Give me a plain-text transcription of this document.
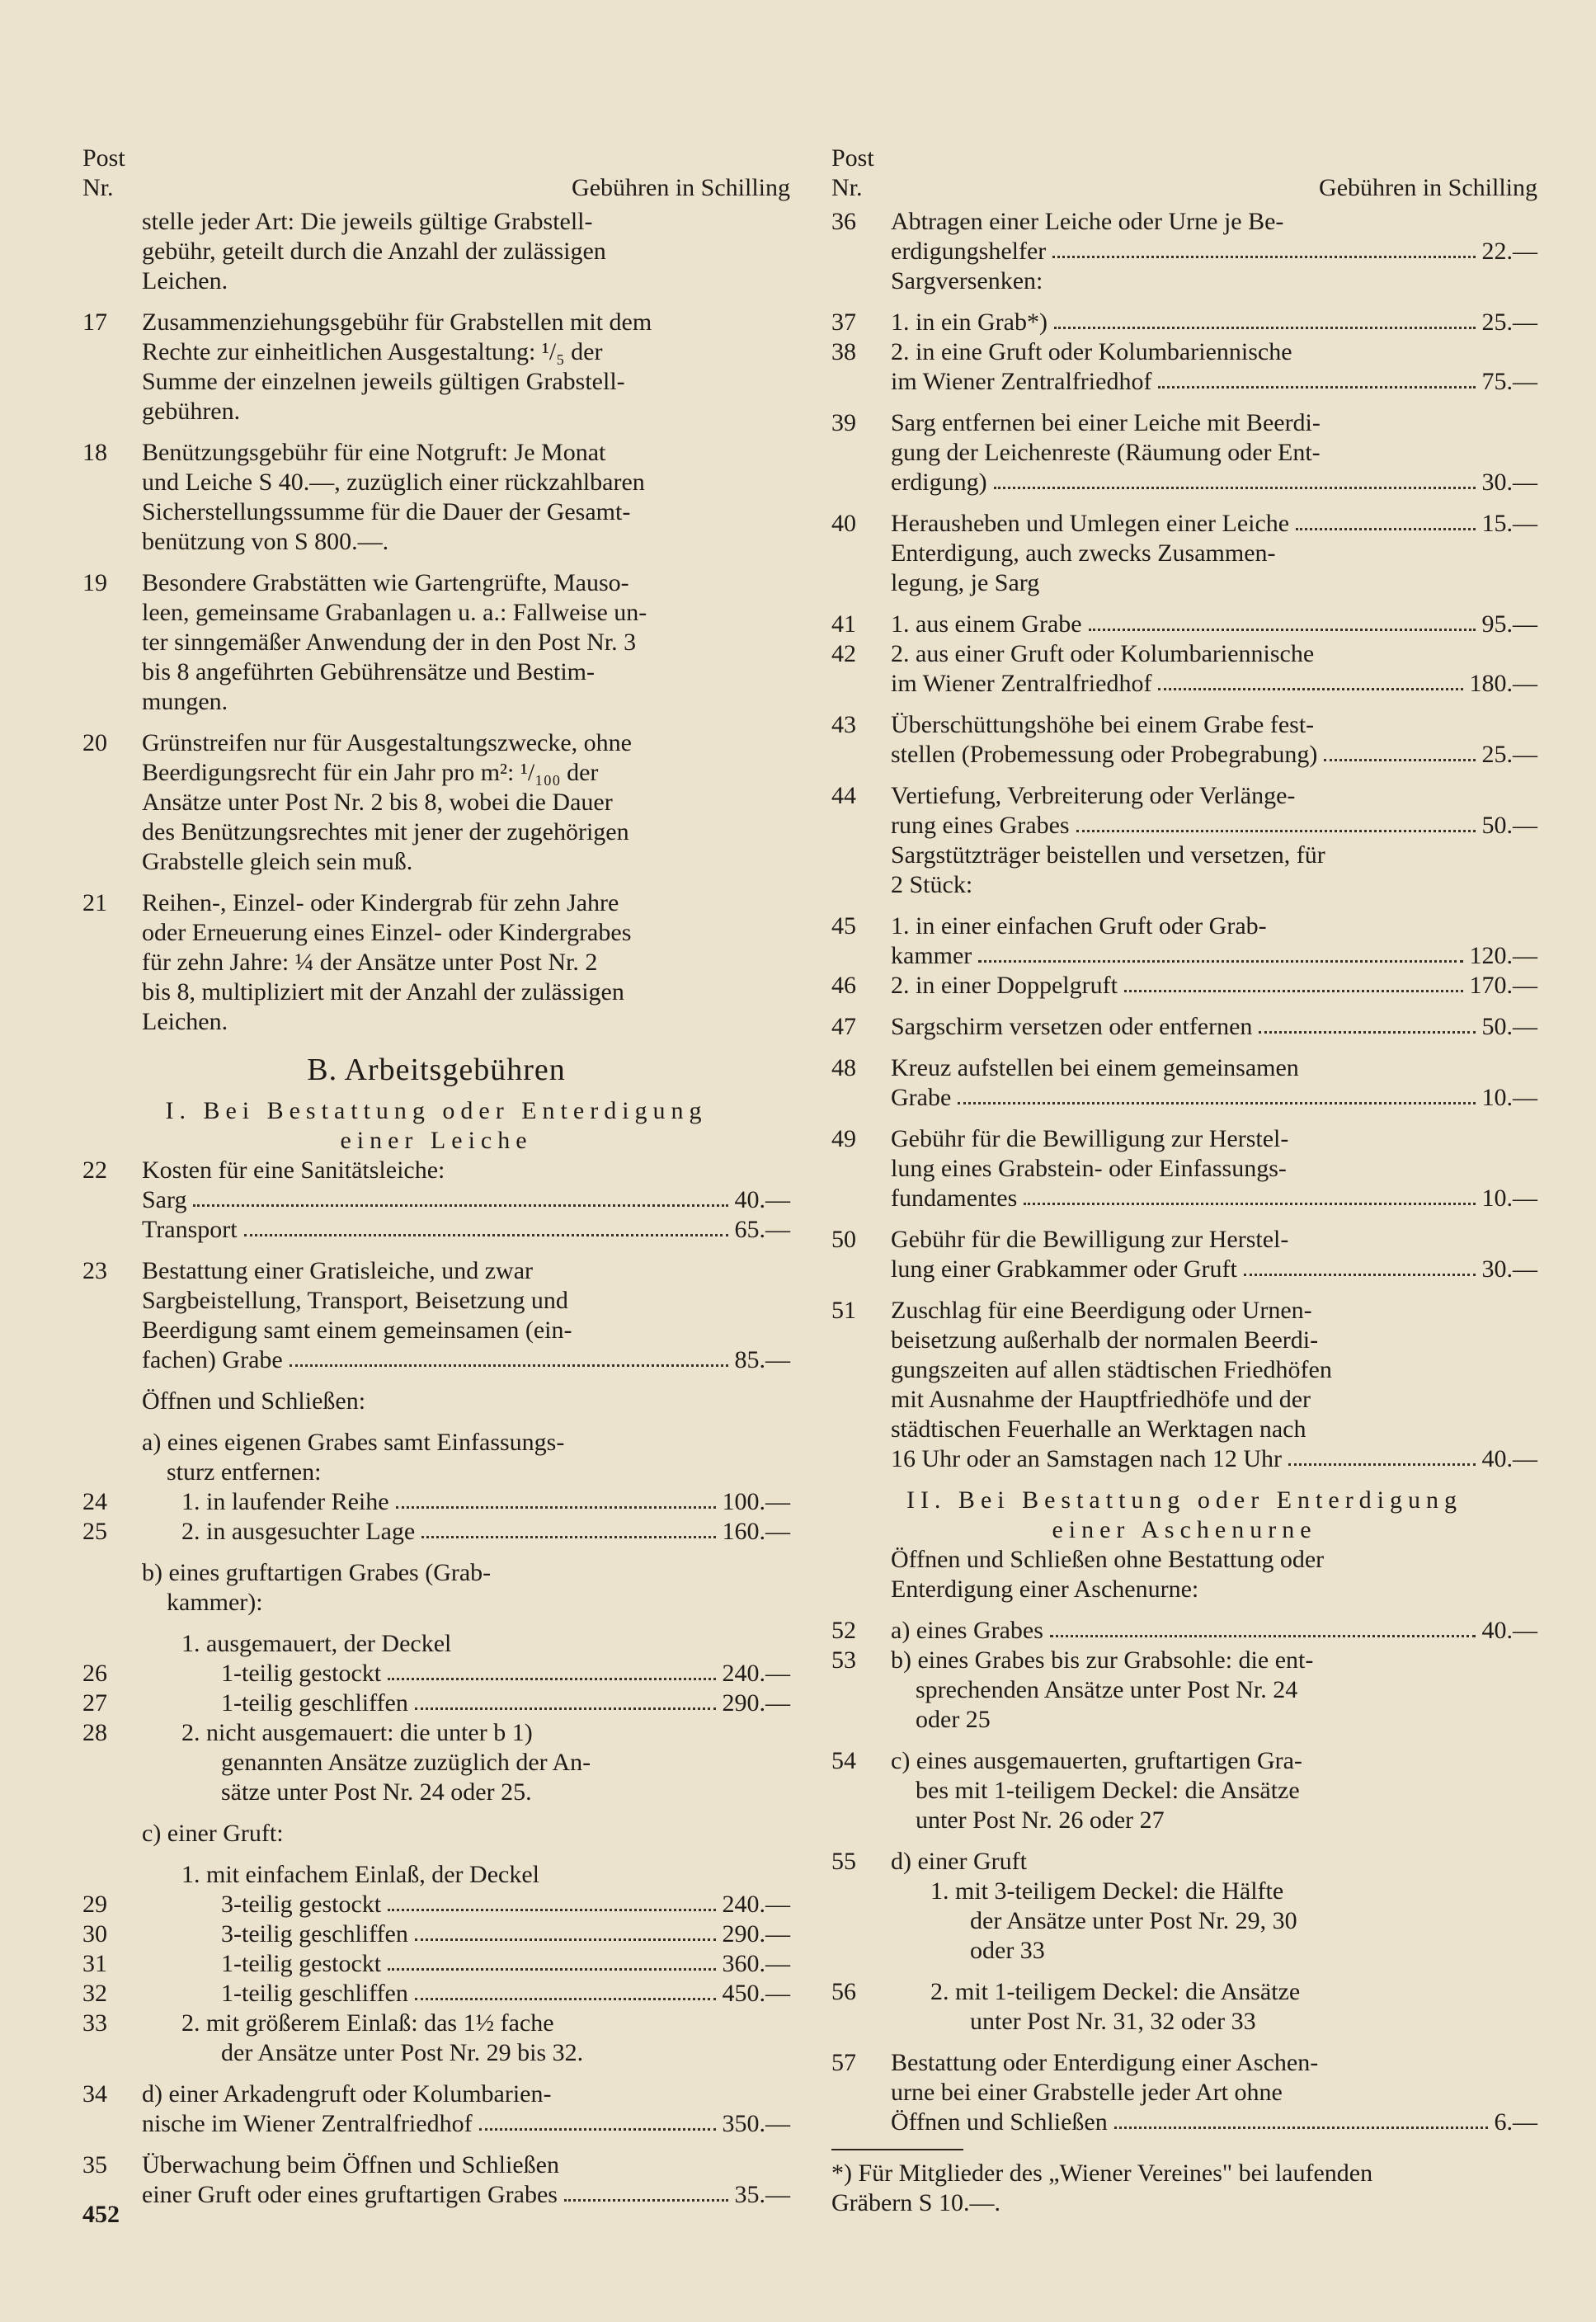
Post
Nr.	Gebühren in Schilling
stelle jeder Art: Die jeweils gültige Grabstell-
gebühr, geteilt durch die Anzahl der zulässigen
Leichen.
17	Zusammenziehungsgebühr für Grabstellen mit dem
Rechte zur einheitlichen Ausgestaltung: ¹/₅ der
Summe der einzelnen jeweils gültigen Grabstell-
gebühren.
18	Benützungsgebühr für eine Notgruft: Je Monat
und Leiche S 40.—, zuzüglich einer rückzahlbaren
Sicherstellungssumme für die Dauer der Gesamt-
benützung von S 800.—.
19	Besondere Grabstätten wie Gartengrüfte, Mauso-
leen, gemeinsame Grabanlagen u. a.: Fallweise un-
ter sinngemäßer Anwendung der in den Post Nr. 3
bis 8 angeführten Gebührensätze und Bestim-
mungen.
20	Grünstreifen nur für Ausgestaltungszwecke, ohne
Beerdigungsrecht für ein Jahr pro m²: ¹/₁₀₀ der
Ansätze unter Post Nr. 2 bis 8, wobei die Dauer
des Benützungsrechtes mit jener der zugehörigen
Grabstelle gleich sein muß.
21	Reihen-, Einzel- oder Kindergrab für zehn Jahre
oder Erneuerung eines Einzel- oder Kindergrabes
für zehn Jahre: ¼ der Ansätze unter Post Nr. 2
bis 8, multipliziert mit der Anzahl der zulässigen
Leichen.
B. Arbeitsgebühren
I. Bei Bestattung oder Enterdigung
einer Leiche
22	Kosten für eine Sanitätsleiche:
Sarg	40.—
Transport	65.—
23	Bestattung einer Gratisleiche, und zwar
Sargbeistellung, Transport, Beisetzung und
Beerdigung samt einem gemeinsamen (ein-
fachen) Grabe	85.—
Öffnen und Schließen:
a) eines eigenen Grabes samt Einfassungs-
sturz entfernen:
24	1. in laufender Reihe	100.—
25	2. in ausgesuchter Lage	160.—
b) eines gruftartigen Grabes (Grab-
kammer):
1. ausgemauert, der Deckel
26	1-teilig gestockt	240.—
27	1-teilig geschliffen	290.—
28	2. nicht ausgemauert: die unter b 1)
genannten Ansätze zuzüglich der An-
sätze unter Post Nr. 24 oder 25.
c) einer Gruft:
1. mit einfachem Einlaß, der Deckel
29	3-teilig gestockt	240.—
30	3-teilig geschliffen	290.—
31	1-teilig gestockt	360.—
32	1-teilig geschliffen	450.—
33	2. mit größerem Einlaß: das 1½ fache
der Ansätze unter Post Nr. 29 bis 32.
34	d) einer Arkadengruft oder Kolumbarien-
nische im Wiener Zentralfriedhof	350.—
35	Überwachung beim Öffnen und Schließen
einer Gruft oder eines gruftartigen Grabes	35.—
Post
Nr.	Gebühren in Schilling
36	Abtragen einer Leiche oder Urne je Be-
erdigungshelfer	22.—
Sargversenken:
37	1. in ein Grab*)	25.—
38	2. in eine Gruft oder Kolumbariennische
im Wiener Zentralfriedhof	75.—
39	Sarg entfernen bei einer Leiche mit Beerdi-
gung der Leichenreste (Räumung oder Ent-
erdigung)	30.—
40	Herausheben und Umlegen einer Leiche	15.—
Enterdigung, auch zwecks Zusammen-
legung, je Sarg
41	1. aus einem Grabe	95.—
42	2. aus einer Gruft oder Kolumbariennische
im Wiener Zentralfriedhof	180.—
43	Überschüttungshöhe bei einem Grabe fest-
stellen (Probemessung oder Probegrabung)	25.—
44	Vertiefung, Verbreiterung oder Verlänge-
rung eines Grabes	50.—
Sargstützträger beistellen und versetzen, für
2 Stück:
45	1. in einer einfachen Gruft oder Grab-
kammer	120.—
46	2. in einer Doppelgruft	170.—
47	Sargschirm versetzen oder entfernen	50.—
48	Kreuz aufstellen bei einem gemeinsamen
Grabe	10.—
49	Gebühr für die Bewilligung zur Herstel-
lung eines Grabstein- oder Einfassungs-
fundamentes	10.—
50	Gebühr für die Bewilligung zur Herstel-
lung einer Grabkammer oder Gruft	30.—
51	Zuschlag für eine Beerdigung oder Urnen-
beisetzung außerhalb der normalen Beerdi-
gungszeiten auf allen städtischen Friedhöfen
mit Ausnahme der Hauptfriedhöfe und der
städtischen Feuerhalle an Werktagen nach
16 Uhr oder an Samstagen nach 12 Uhr	40.—
II. Bei Bestattung oder Enterdigung
einer Aschenurne
Öffnen und Schließen ohne Bestattung oder
Enterdigung einer Aschenurne:
52	a) eines Grabes	40.—
53	b) eines Grabes bis zur Grabsohle: die ent-
sprechenden Ansätze unter Post Nr. 24
oder 25
54	c) eines ausgemauerten, gruftartigen Gra-
bes mit 1-teiligem Deckel: die Ansätze
unter Post Nr. 26 oder 27
55	d) einer Gruft
1. mit 3-teiligem Deckel: die Hälfte
der Ansätze unter Post Nr. 29, 30
oder 33
56	2. mit 1-teiligem Deckel: die Ansätze
unter Post Nr. 31, 32 oder 33
57	Bestattung oder Enterdigung einer Aschen-
urne bei einer Grabstelle jeder Art ohne
Öffnen und Schließen	6.—
*) Für Mitglieder des „Wiener Vereines" bei laufenden
Gräbern S 10.—.
452
